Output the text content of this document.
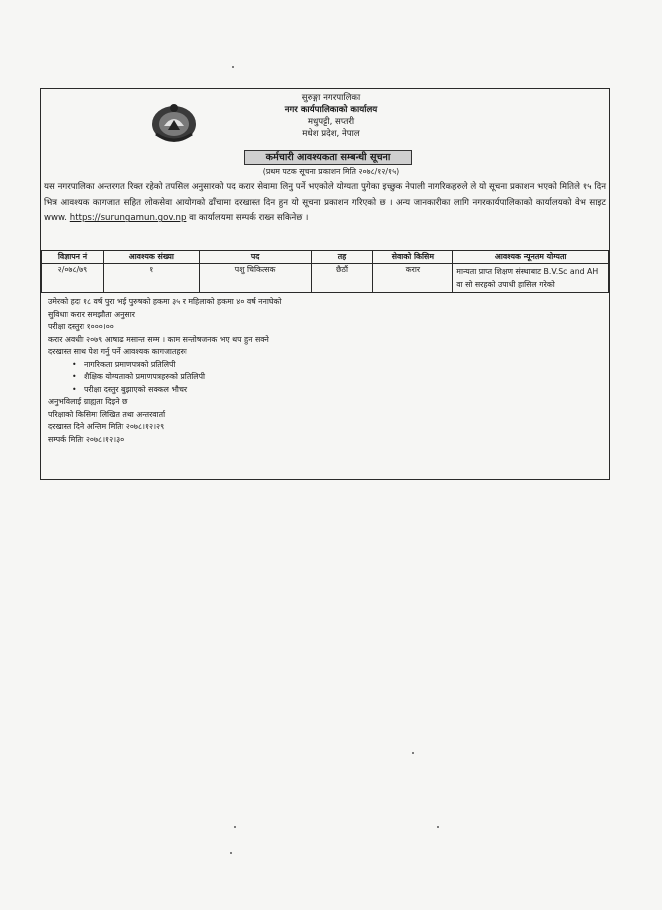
सुरुङ्गा नगरपालिका
नगर कार्यपालिकाको कार्यालय
मधुपट्टी, सप्तरी
मधेश प्रदेश, नेपाल
कर्मचारी आवश्यकता सम्बन्धी सूचना
(प्रथम पटक सूचना प्रकाशन मिति २०७८/१२/१५)
यस नगरपालिका अन्तरगत रिक्त रहेको तपसिल अनुसारको पद करार सेवामा लिनु पर्ने भएकोले योग्यता पुगेका इच्छुक नेपाली नागरिकहरुले ले यो सूचना प्रकाशन भएको मितिले १५ दिन भित्र आवश्यक कागजात सहित लोकसेवा आयोगको ढाँचामा दरखास्त दिन हुन यो सूचना प्रकाशन गरिएको छ । अन्य जानकारीका लागि नगरकार्यपालिकाको कार्यालयको वेभ साइट www. https://surungamun.gov.np वा कार्यालयमा सम्पर्क राख्न सकिनेछ ।
विज्ञापन नं	आवश्यक संख्या	पद	तह	सेवाको किसिम	आवश्यक न्यूनतम योग्यता
२/०७८/७९	१	पशु चिकित्सक	छैठौं	करार	मान्यता प्राप्त शिक्षण संस्थाबाट B.V.Sc and AH वा सो सरहको उपाधी हासिल गरेको
उमेरको हदः १८ वर्ष पुरा भई पुरुषको हकमा ३५ र महिलाको हकमा ४० वर्ष ननाघेको
सुविधाः करार समझौता अनुसार
परीक्षा दस्तुरः १०००।००
करार अवधीः २०७९ आषाढ मसान्त सम्म । काम सन्तोषजनक भए थप हुन सक्ने
दरखास्त साथ पेश गर्नु पर्ने आवश्यक कागजातहरुः
• नागरिकता प्रमाणपत्रको प्रतिलिपी
• शैक्षिक योग्यताको प्रमाणपत्रहरुको प्रतिलिपी
• परीक्षा दस्तुर बुझाएको सक्कल भौचर
अनुभविलाई ग्राह्यता दिइने छ
परिक्षाको किसिमः लिखित तथा अन्तरवार्ता
दरखास्त दिने अन्तिम मितिः २०७८।१२।२९
सम्पर्क मितिः २०७८।१२।३०
